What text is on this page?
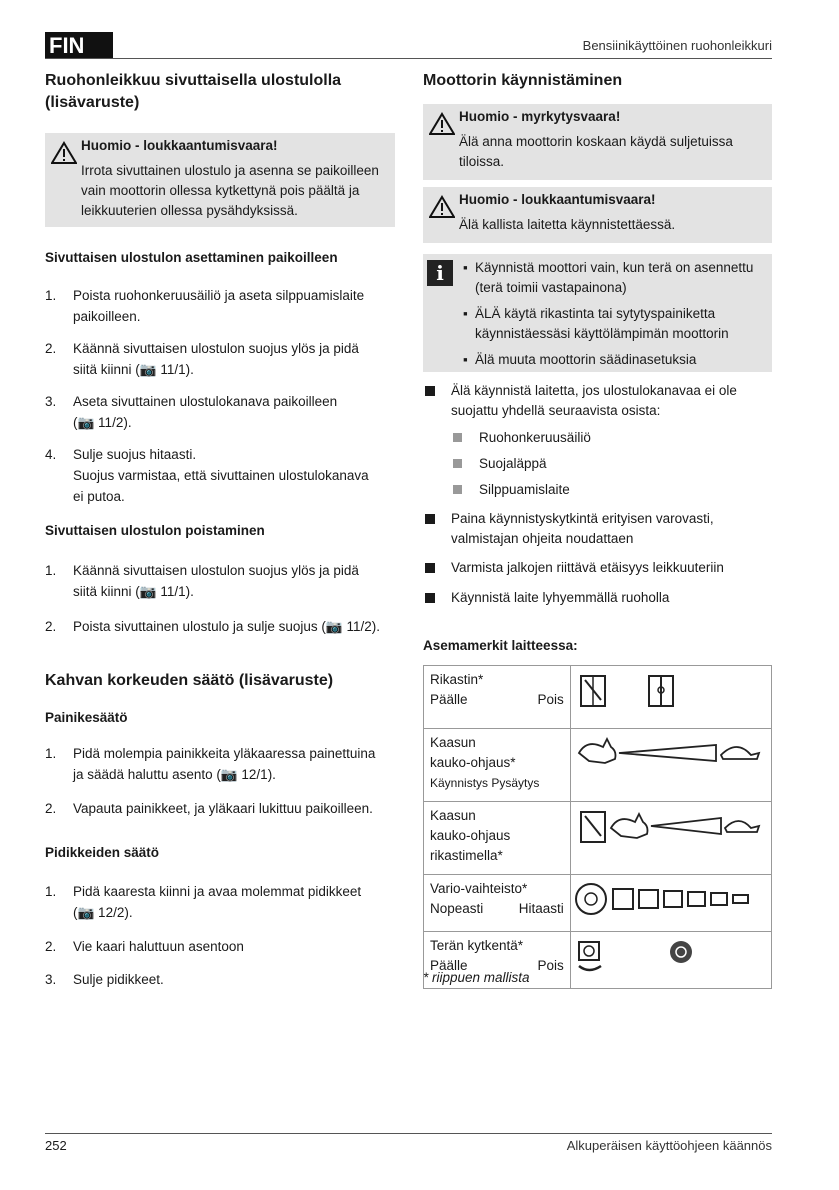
FIN	Bensiinikäyttöinen ruohonleikkuri
Ruohonleikkuu sivuttaisella ulostulolla
(lisävaruste)
Huomio - loukkaantumisvaara!
Irrota sivuttainen ulostulo ja asenna se paikoilleen
vain moottorin ollessa kytkettynä pois päältä ja
leikkuuterien ollessa pysähdyksissä.
Sivuttaisen ulostulon asettaminen paikoilleen
1. Poista ruohonkeruusäiliö ja aseta silppuamislaite
paikoilleen.
2. Käännä sivuttaisen ulostulon suojus ylös ja pidä
siitä kiinni (📷 11/1).
3. Aseta sivuttainen ulostulokanava paikoilleen
(📷 11/2).
4. Sulje suojus hitaasti.
Suojus varmistaa, että sivuttainen ulostulokanava
ei putoa.
Sivuttaisen ulostulon poistaminen
1. Käännä sivuttaisen ulostulon suojus ylös ja pidä
siitä kiinni (📷 11/1).
2. Poista sivuttainen ulostulo ja sulje suojus (📷 11/2).
Kahvan korkeuden säätö (lisävaruste)
Painikesäätö
1. Pidä molempia painikkeita yläkaaressa painettuina
ja säädä haluttu asento (📷 12/1).
2. Vapauta painikkeet, ja yläkaari lukittuu paikoilleen.
Pidikkeiden säätö
1. Pidä kaaresta kiinni ja avaa molemmat pidikkeet
(📷 12/2).
2. Vie kaari haluttuun asentoon
3. Sulje pidikkeet.
Moottorin käynnistäminen
Huomio - myrkytysvaara!
Älä anna moottorin koskaan käydä suljetuissa
tiloissa.
Huomio - loukkaantumisvaara!
Älä kallista laitetta käynnistettäessä.
i	▪ Käynnistä moottori vain, kun terä on asennettu
(terä toimii vastapainona)
▪ ÄLÄ käytä rikastinta tai sytytyspainiketta
käynnistäessäsi käyttölämpimän moottorin
▪ Älä muuta moottorin säädinasetuksia
Älä käynnistä laitetta, jos ulostulokanavaa ei ole
suojattu yhdellä seuraavista osista:
Ruohonkeruusäiliö
Suojaläppä
Silppuamislaite
Paina käynnistyskytkintä erityisen varovasti,
valmistajan ohjeita noudattaen
Varmista jalkojen riittävä etäisyys leikkuuteriin
Käynnistä laite lyhyemmällä ruoholla
Asemamerkit laitteessa:
Rikastin*
Päälle Pois

Kaasun
kauko-ohjaus*
Käynnistys Pysäytys

Kaasun
kauko-ohjaus
rikastimella*

Vario-vaihteisto*
Nopeasti Hitaasti

Terän kytkentä*
Päälle Pois

* riippuen mallista
252	Alkuperäisen käyttöohjeen käännös
